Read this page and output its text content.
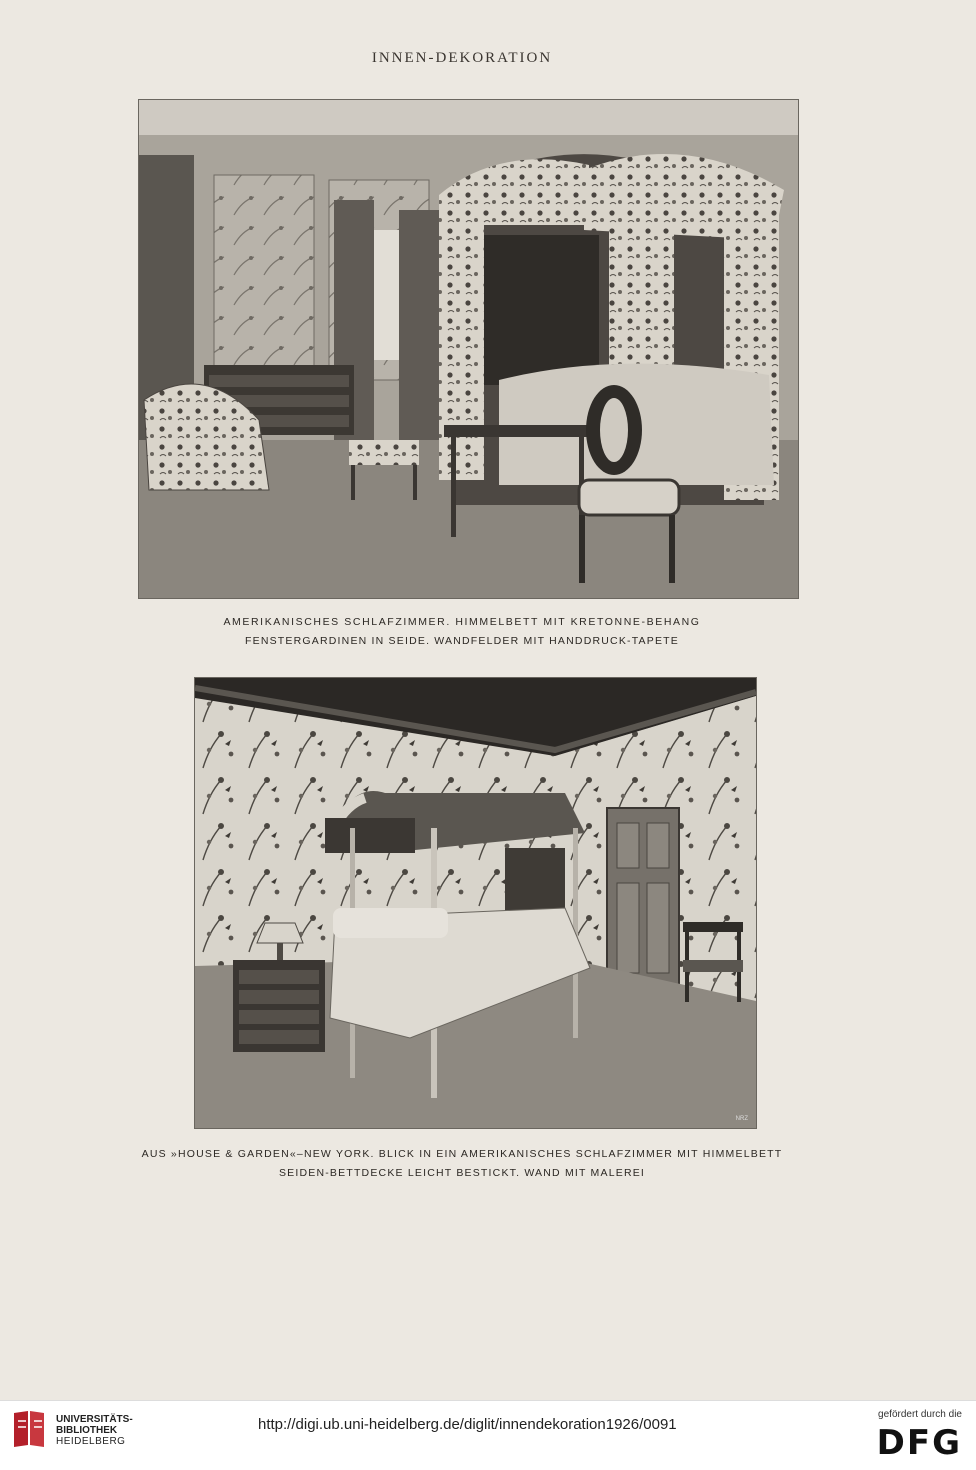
INNEN-DEKORATION
AMERIKANISCHES SCHLAFZIMMER. HIMMELBETT MIT KRETONNE-BEHANG
FENSTERGARDINEN IN SEIDE. WANDFELDER MIT HANDDRUCK-TAPETE
NRZ
AUS »HOUSE & GARDEN«–NEW YORK. BLICK IN EIN AMERIKANISCHES SCHLAFZIMMER MIT HIMMELBETT
SEIDEN-BETTDECKE LEICHT BESTICKT. WAND MIT MALEREI
UNIVERSITÄTS-
BIBLIOTHEK
HEIDELBERG
http://digi.ub.uni-heidelberg.de/diglit/innendekoration1926/0091
gefördert durch die
DFG
